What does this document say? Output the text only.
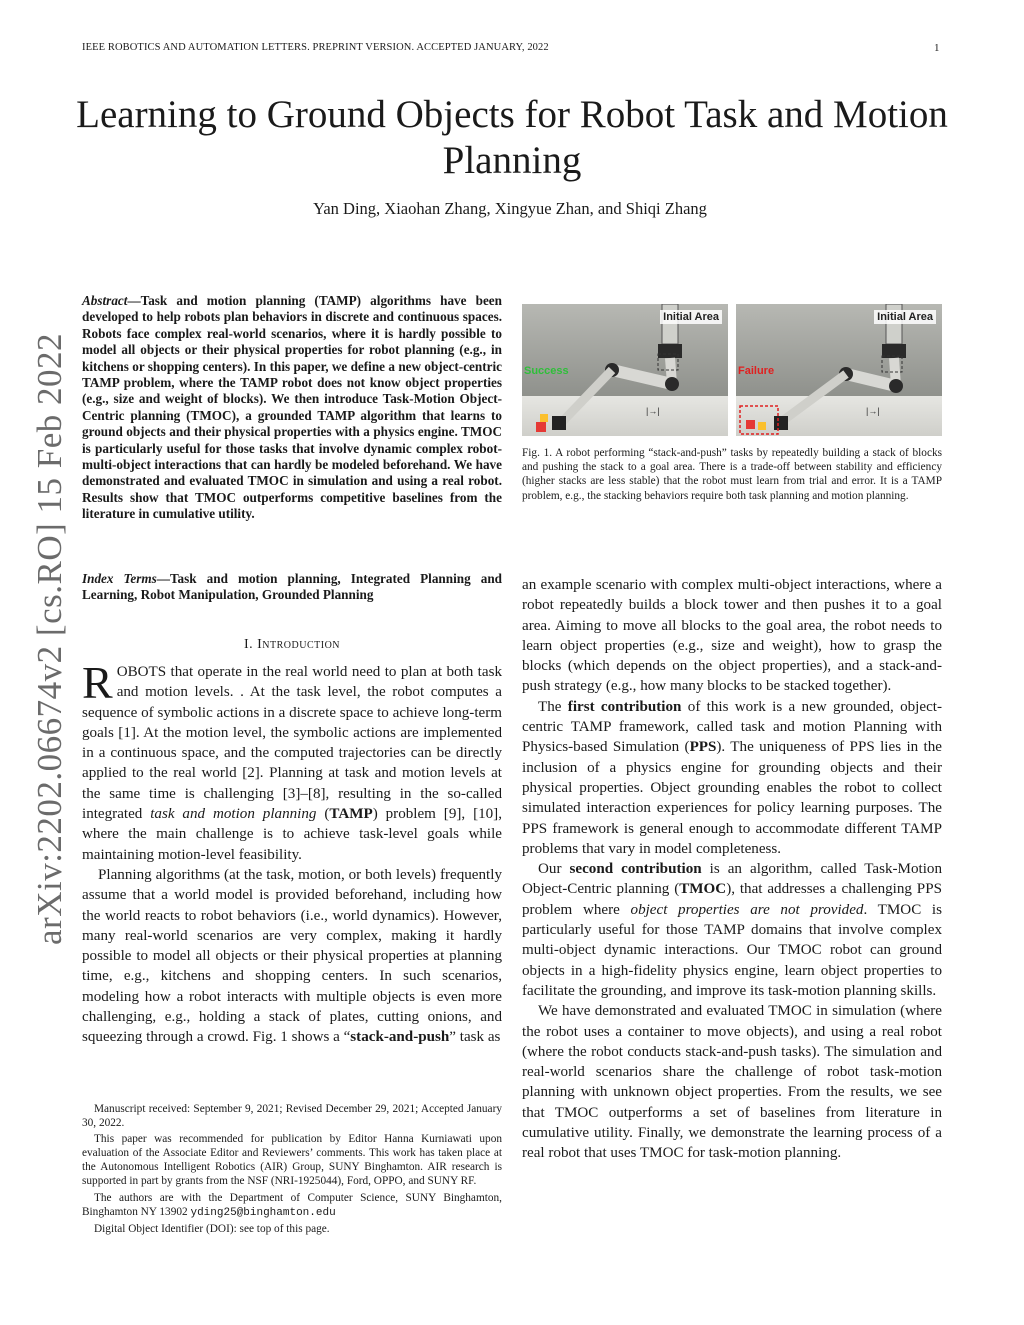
IEEE ROBOTICS AND AUTOMATION LETTERS. PREPRINT VERSION. ACCEPTED JANUARY, 2022	1
Learning to Ground Objects for Robot Task and Motion Planning
Yan Ding, Xiaohan Zhang, Xingyue Zhan, and Shiqi Zhang
arXiv:2202.06674v2 [cs.RO] 15 Feb 2022
Abstract—Task and motion planning (TAMP) algorithms have been developed to help robots plan behaviors in discrete and continuous spaces. Robots face complex real-world scenarios, where it is hardly possible to model all objects or their physical properties for robot planning (e.g., in kitchens or shopping centers). In this paper, we define a new object-centric TAMP problem, where the TAMP robot does not know object properties (e.g., size and weight of blocks). We then introduce Task-Motion Object-Centric planning (TMOC), a grounded TAMP algorithm that learns to ground objects and their physical properties with a physics engine. TMOC is particularly useful for those tasks that involve dynamic complex robot-multi-object interactions that can hardly be modeled beforehand. We have demonstrated and evaluated TMOC in simulation and using a real robot. Results show that TMOC outperforms competitive baselines from the literature in cumulative utility.
Index Terms—Task and motion planning, Integrated Planning and Learning, Robot Manipulation, Grounded Planning
I. Introduction

ROBOTS that operate in the real world need to plan at both task and motion levels. . At the task level, the robot computes a sequence of symbolic actions in a discrete space to achieve long-term goals [1]. At the motion level, the symbolic actions are implemented in a continuous space, and the computed trajectories can be directly applied to the real world [2]. Planning at task and motion levels at the same time is challenging [3]–[8], resulting in the so-called integrated task and motion planning (TAMP) problem [9], [10], where the main challenge is to achieve task-level goals while maintaining motion-level feasibility.

Planning algorithms (at the task, motion, or both levels) frequently assume that a world model is provided beforehand, including how the world reacts to robot behaviors (i.e., world dynamics). However, many real-world scenarios are very complex, making it hardly possible to model all objects or their physical properties at planning time, e.g., kitchens and shopping centers. In such scenarios, modeling how a robot interacts with multiple objects is even more challenging, e.g., holding a stack of plates, cutting onions, and squeezing through a crowd. Fig. 1 shows a “stack-and-push” task as

Manuscript received: September 9, 2021; Revised December 29, 2021; Accepted January 30, 2022.

This paper was recommended for publication by Editor Hanna Kurniawati upon evaluation of the Associate Editor and Reviewers’ comments. This work has taken place at the Autonomous Intelligent Robotics (AIR) Group, SUNY Binghamton. AIR research is supported in part by grants from the NSF (NRI-1925044), Ford, OPPO, and SUNY RF.

The authors are with the Department of Computer Science, SUNY Binghamton, Binghamton NY 13902 yding25@binghamton.edu

Digital Object Identifier (DOI): see top of this page.

|→|
Initial Area
Success
|→|
Initial Area
Failure
Fig. 1. A robot performing “stack-and-push” tasks by repeatedly building a stack of blocks and pushing the stack to a goal area. There is a trade-off between stability and efficiency (higher stacks are less stable) that the robot must learn from trial and error. It is a TAMP problem, e.g., the stacking behaviors require both task planning and motion planning.

an example scenario with complex multi-object interactions, where a robot repeatedly builds a block tower and then pushes it to a goal area. Aiming to move all blocks to the goal area, the robot needs to learn object properties (e.g., size and weight), how to grasp the blocks (which depends on the object properties), and a stack-and-push strategy (e.g., how many blocks to be stacked together).

The first contribution of this work is a new grounded, object-centric TAMP framework, called task and motion Planning with Physics-based Simulation (PPS). The uniqueness of PPS lies in the inclusion of a physics engine for grounding objects and their physical properties. Object grounding enables the robot to collect simulated interaction experiences for policy learning purposes. The PPS framework is general enough to accommodate different TAMP problems that vary in model completeness.

Our second contribution is an algorithm, called Task-Motion Object-Centric planning (TMOC), that addresses a challenging PPS problem where object properties are not provided. TMOC is particularly useful for those TAMP domains that involve complex multi-object dynamic interactions. Our TMOC robot can ground objects in a high-fidelity physics engine, learn object properties to facilitate the grounding, and improve its task-motion planning skills.

We have demonstrated and evaluated TMOC in simulation (where the robot uses a container to move objects), and using a real robot (where the robot conducts stack-and-push tasks). The simulation and real-world scenarios share the challenge of robot task-motion planning with unknown object properties. From the results, we see that TMOC outperforms a set of baselines from literature in cumulative utility. Finally, we demonstrate the learning process of a real robot that uses TMOC for task-motion planning.
